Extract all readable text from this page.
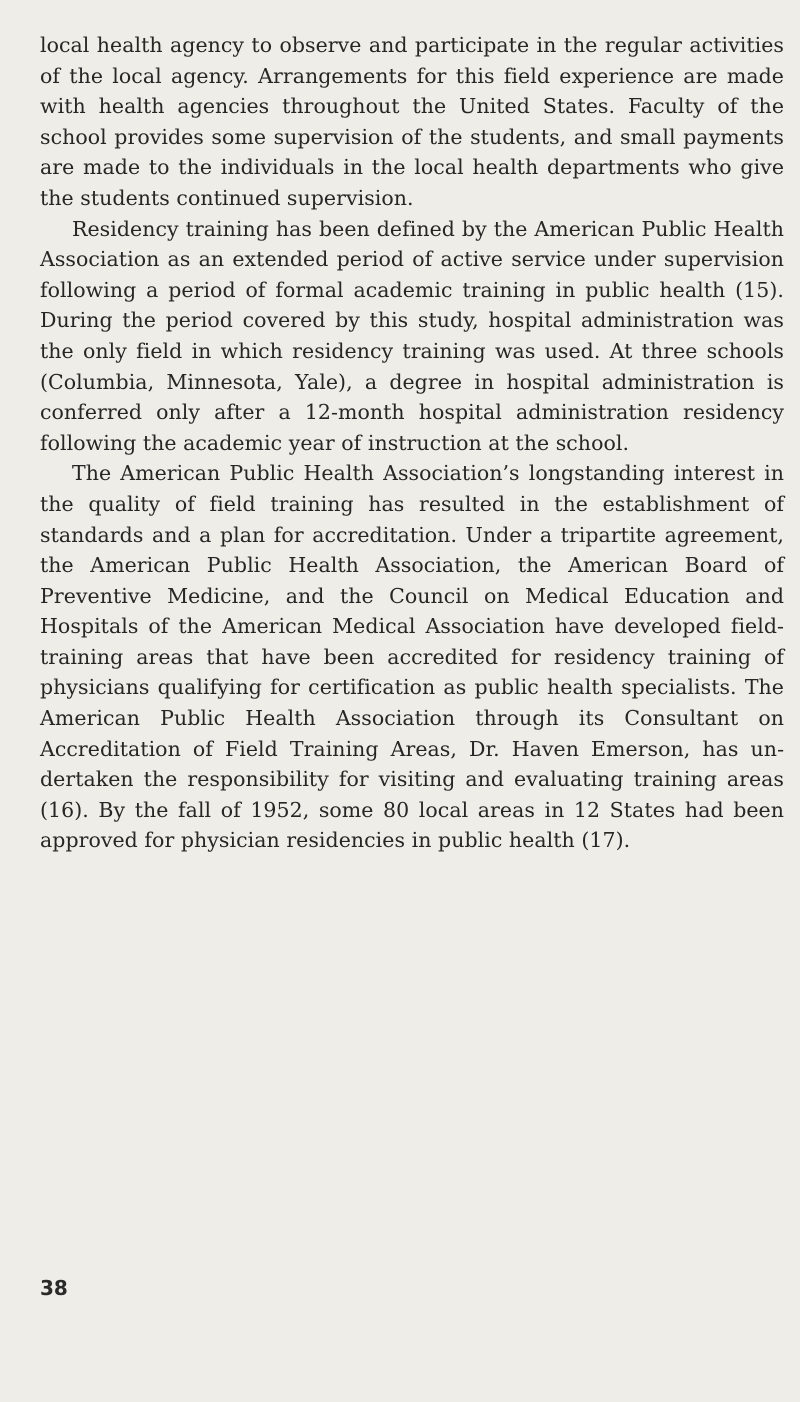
local health agency to observe and participate in the regular activities of the local agency. Arrangements for this field experience are made with health agencies throughout the United States. Faculty of the school provides some supervision of the students, and small payments are made to the individuals in the local health departments who give the students continued supervision.

Residency training has been defined by the American Public Health Association as an extended period of active service under supervision following a period of formal academic training in public health (15). During the period covered by this study, hospital administration was the only field in which residency training was used. At three schools (Columbia, Minnesota, Yale), a degree in hospital administration is conferred only after a 12-month hospital administration residency following the academic year of instruction at the school.

The American Public Health Association’s longstanding interest in the quality of field training has resulted in the establishment of standards and a plan for accreditation. Under a tripartite agreement, the American Public Health Association, the American Board of Preventive Medicine, and the Council on Medical Education and Hospitals of the American Medical Association have developed field-training areas that have been accredited for residency training of physicians qualifying for certification as public health specialists. The American Public Health Association through its Consultant on Accreditation of Field Training Areas, Dr. Haven Emerson, has undertaken the responsibility for visiting and evaluating training areas (16). By the fall of 1952, some 80 local areas in 12 States had been approved for physician residencies in public health (17).

38
